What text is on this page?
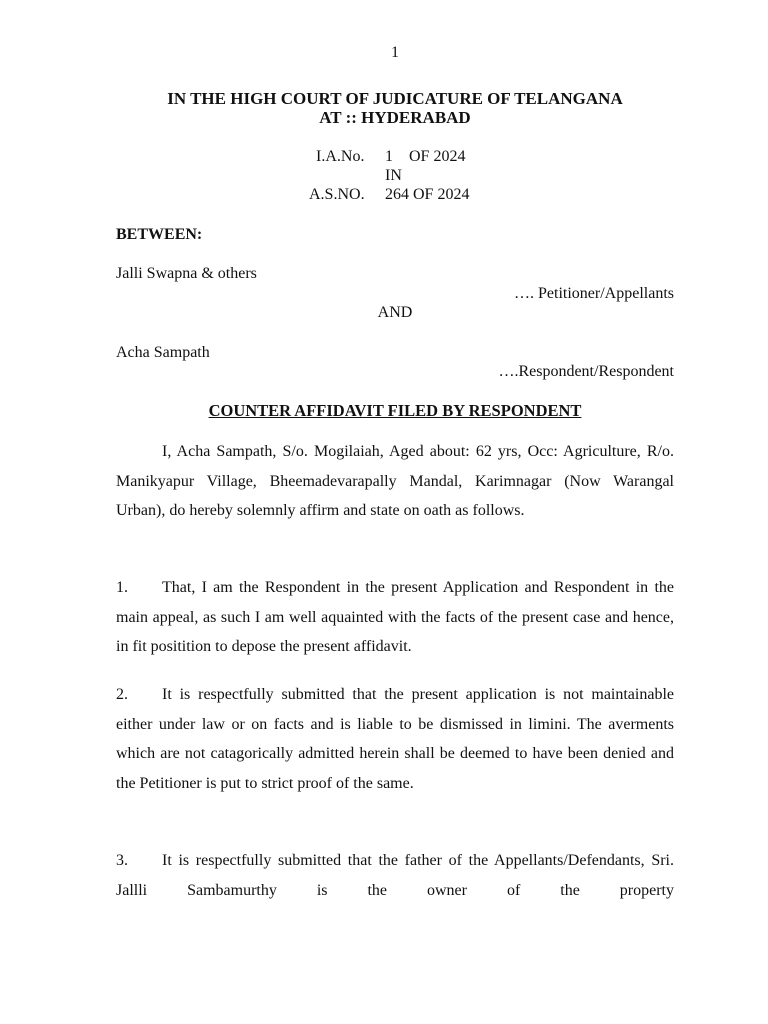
1
IN THE HIGH COURT OF JUDICATURE OF TELANGANA
AT :: HYDERABAD
I.A.No. 1 OF 2024
IN
A.S.NO. 264 OF 2024
BETWEEN:
Jalli Swapna & others
…. Petitioner/Appellants
AND
Acha Sampath
….Respondent/Respondent
COUNTER AFFIDAVIT FILED BY RESPONDENT
I, Acha Sampath, S/o. Mogilaiah, Aged about: 62 yrs, Occ: Agriculture, R/o. Manikyapur Village, Bheemadevarapally Mandal, Karimnagar (Now Warangal Urban), do hereby solemnly affirm and state on oath as follows.
1. That, I am the Respondent in the present Application and Respondent in the main appeal, as such I am well aquainted with the facts of the present case and hence, in fit positition to depose the present affidavit.
2. It is respectfully submitted that the present application is not maintainable either under law or on facts and is liable to be dismissed in limini. The averments which are not catagorically admitted herein shall be deemed to have been denied and the Petitioner is put to strict proof of the same.
3. It is respectfully submitted that the father of the Appellants/Defendants, Sri. Jallli Sambamurthy is the owner of the property
